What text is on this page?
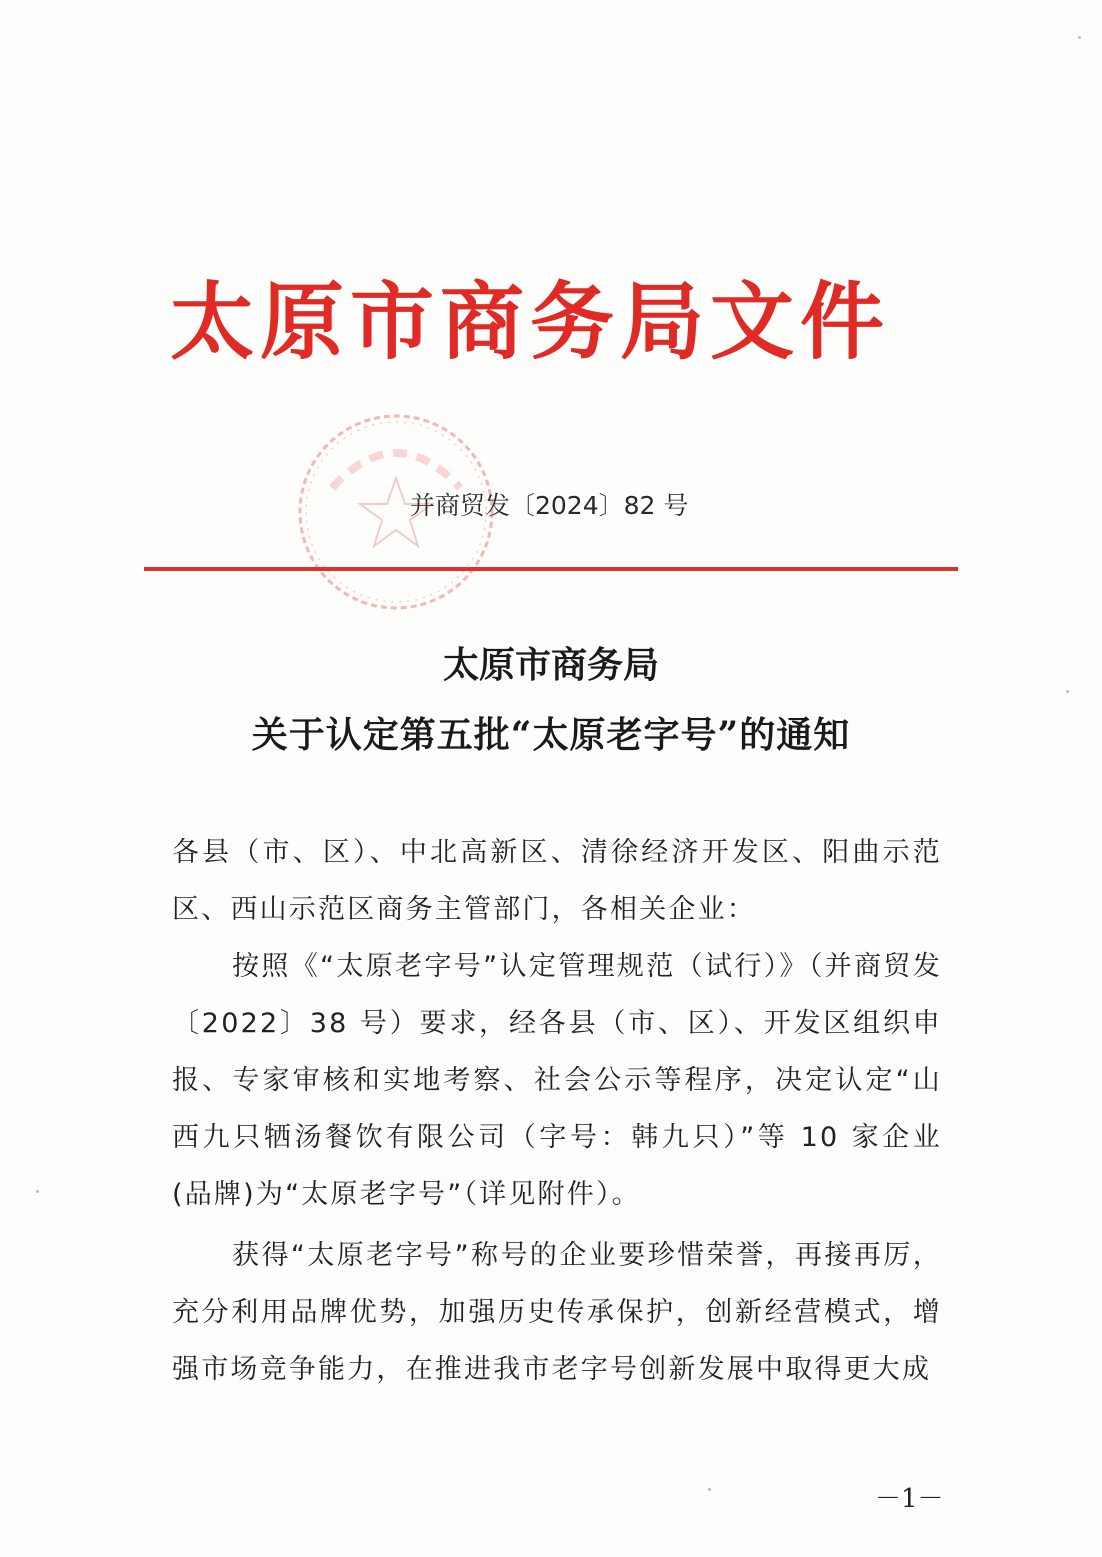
太原市商务局文件
并商贸发〔2024〕82 号
太原市商务局
关于认定第五批“太原老字号”的通知

各县（市、区）、中北高新区、清徐经济开发区、阳曲示范区、西山示范区商务主管部门，各相关企业：

按照《“太原老字号”认定管理规范（试行）》（并商贸发〔2022〕38 号）要求，经各县（市、区）、开发区组织申报、专家审核和实地考察、社会公示等程序，决定认定“山西九只牺汤餐饮有限公司（字号：韩九只）”等 10 家企业(品牌)为“太原老字号”（详见附件）。

获得“太原老字号”称号的企业要珍惜荣誉，再接再厉，充分利用品牌优势，加强历史传承保护，创新经营模式，增强市场竞争能力，在推进我市老字号创新发展中取得更大成

－1－
